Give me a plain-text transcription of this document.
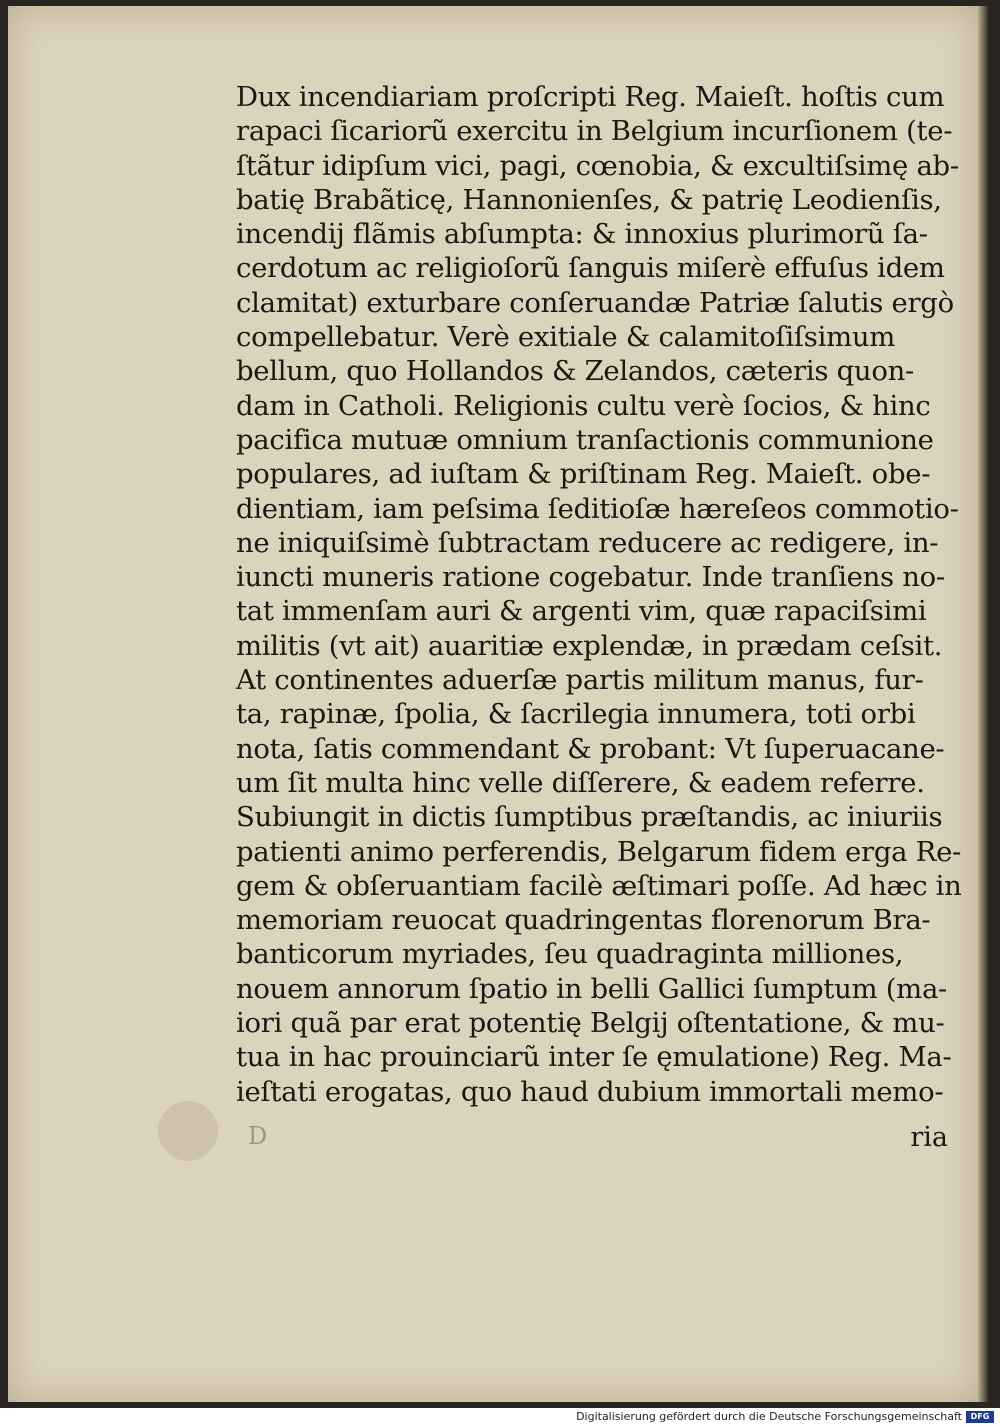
Dux incendiariam proſcripti Reg. Maieſt. hoſtis cum
rapaci ſicariorũ exercitu in Belgium incurſionem (te-
ſtãtur idipſum vici, pagi, cœnobia, & excultiſsimę ab-
batię Brabãticę, Hannonienſes, & patrię Leodienſis,
incendij flãmis abſumpta: & innoxius plurimorũ ſa-
cerdotum ac religioſorũ ſanguis miſerè effuſus idem
clamitat) exturbare conſeruandæ Patriæ ſalutis ergò
compellebatur. Verè exitiale & calamitoſiſsimum
bellum, quo Hollandos & Zelandos, cæteris quon-
dam in Catholi. Religionis cultu verè ſocios, & hinc
pacifica mutuæ omnium tranſactionis communione
populares, ad iuſtam & priſtinam Reg. Maieſt. obe-
dientiam, iam peſsima ſeditioſæ hæreſeos commotio-
ne iniquiſsimè ſubtractam reducere ac redigere, in-
iuncti muneris ratione cogebatur. Inde tranſiens no-
tat immenſam auri & argenti vim, quæ rapaciſsimi
militis (vt ait) auaritiæ explendæ, in prædam ceſsit.
At continentes aduerſæ partis militum manus, fur-
ta, rapinæ, ſpolia, & ſacrilegia innumera, toti orbi
nota, ſatis commendant & probant: Vt ſuperuacane-
um ſit multa hinc velle diſſerere, & eadem referre.
Subiungit in dictis ſumptibus præſtandis, ac iniuriis
patienti animo perferendis, Belgarum fidem erga Re-
gem & obſeruantiam facilè æſtimari poſſe. Ad hæc in
memoriam reuocat quadringentas florenorum Bra-
banticorum myriades, ſeu quadraginta milliones,
nouem annorum ſpatio in belli Gallici ſumptum (ma-
iori quã par erat potentię Belgij oſtentatione, & mu-
tua in hac prouinciarũ inter ſe ęmulatione) Reg. Ma-
ieſtati erogatas, quo haud dubium immortali memo-
D	ria
Digitalisierung gefördert durch die Deutsche Forschungsgemeinschaft	DFG
